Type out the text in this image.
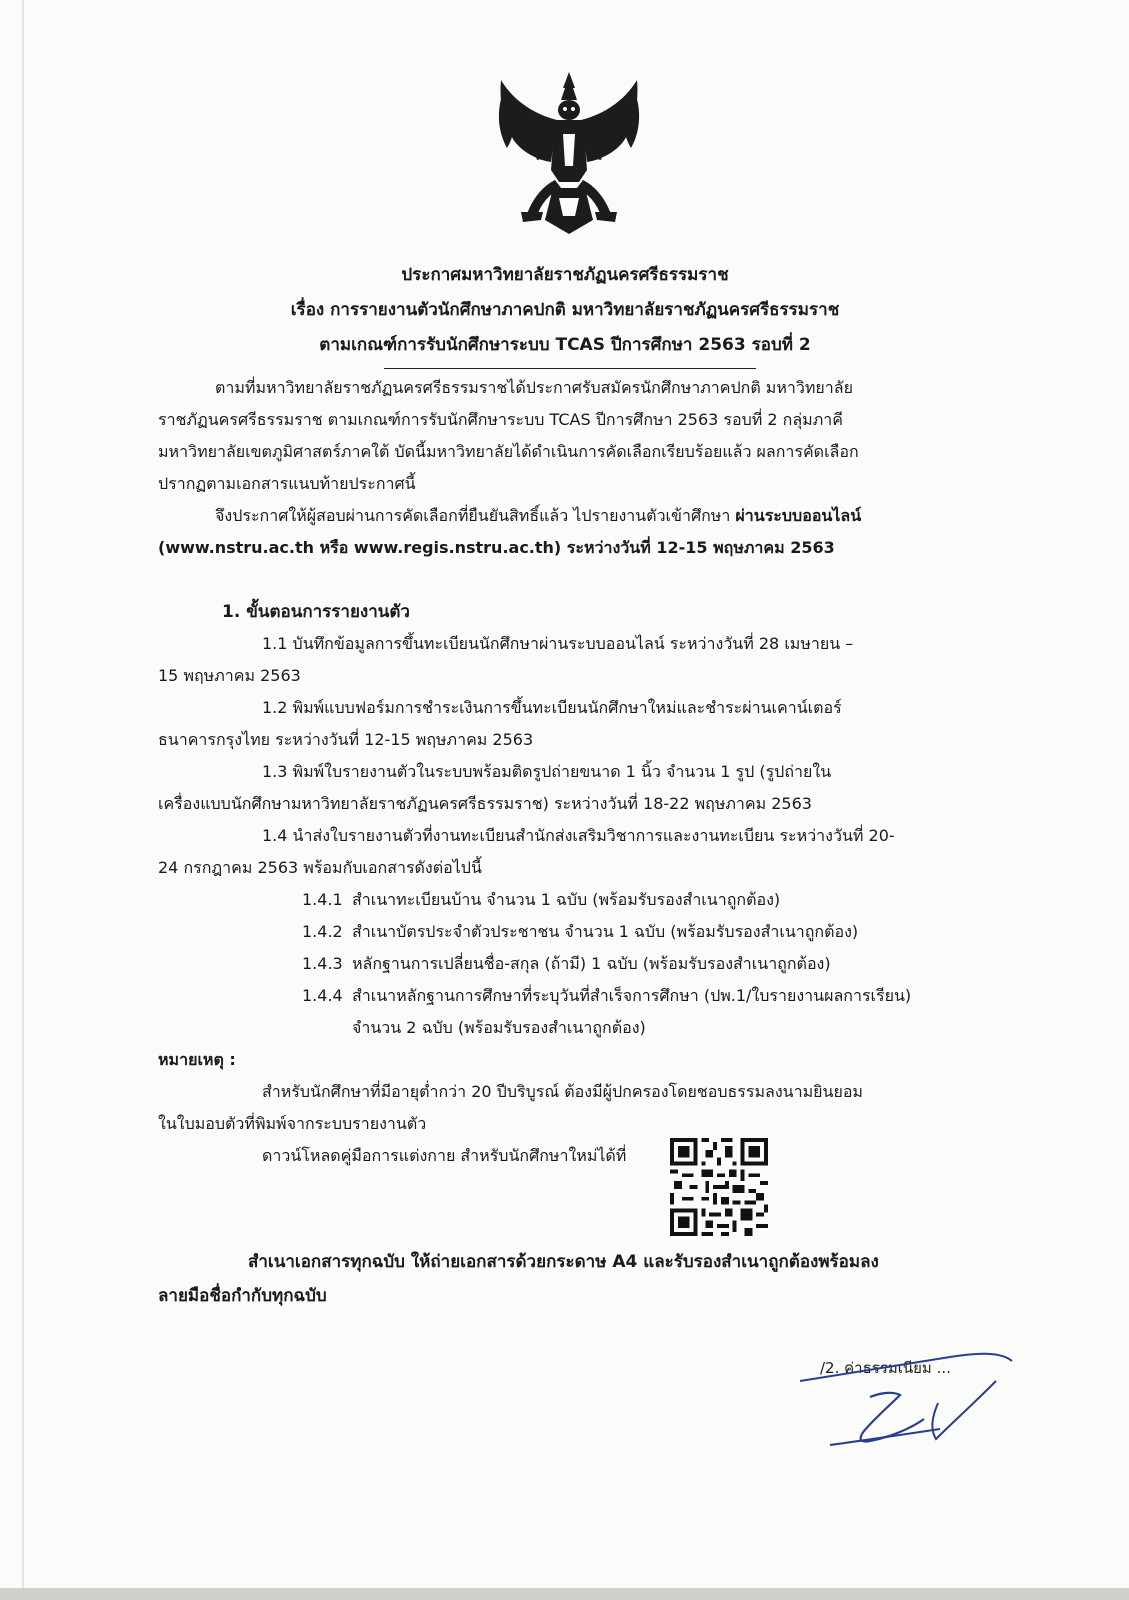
ประกาศมหาวิทยาลัยราชภัฏนครศรีธรรมราช
เรื่อง การรายงานตัวนักศึกษาภาคปกติ มหาวิทยาลัยราชภัฏนครศรีธรรมราช
ตามเกณฑ์การรับนักศึกษาระบบ TCAS ปีการศึกษา 2563 รอบที่ 2
ตามที่มหาวิทยาลัยราชภัฏนครศรีธรรมราชได้ประกาศรับสมัครนักศึกษาภาคปกติ มหาวิทยาลัย
ราชภัฏนครศรีธรรมราช ตามเกณฑ์การรับนักศึกษาระบบ TCAS ปีการศึกษา 2563 รอบที่ 2 กลุ่มภาคี
มหาวิทยาลัยเขตภูมิศาสตร์ภาคใต้ บัดนี้มหาวิทยาลัยได้ดำเนินการคัดเลือกเรียบร้อยแล้ว ผลการคัดเลือก
ปรากฏตามเอกสารแนบท้ายประกาศนี้
จึงประกาศให้ผู้สอบผ่านการคัดเลือกที่ยืนยันสิทธิ์แล้ว ไปรายงานตัวเข้าศึกษา ผ่านระบบออนไลน์
(www.nstru.ac.th หรือ www.regis.nstru.ac.th) ระหว่างวันที่ 12-15 พฤษภาคม 2563
1. ขั้นตอนการรายงานตัว
1.1 บันทึกข้อมูลการขึ้นทะเบียนนักศึกษาผ่านระบบออนไลน์ ระหว่างวันที่ 28 เมษายน –
15 พฤษภาคม 2563
1.2 พิมพ์แบบฟอร์มการชำระเงินการขึ้นทะเบียนนักศึกษาใหม่และชำระผ่านเคาน์เตอร์
ธนาคารกรุงไทย ระหว่างวันที่ 12-15 พฤษภาคม 2563
1.3 พิมพ์ใบรายงานตัวในระบบพร้อมติดรูปถ่ายขนาด 1 นิ้ว จำนวน 1 รูป (รูปถ่ายใน
เครื่องแบบนักศึกษามหาวิทยาลัยราชภัฏนครศรีธรรมราช) ระหว่างวันที่ 18-22 พฤษภาคม 2563
1.4 นำส่งใบรายงานตัวที่งานทะเบียนสำนักส่งเสริมวิชาการและงานทะเบียน ระหว่างวันที่ 20-
24 กรกฎาคม 2563 พร้อมกับเอกสารดังต่อไปนี้
1.4.1 สำเนาทะเบียนบ้าน จำนวน 1 ฉบับ (พร้อมรับรองสำเนาถูกต้อง)
1.4.2 สำเนาบัตรประจำตัวประชาชน จำนวน 1 ฉบับ (พร้อมรับรองสำเนาถูกต้อง)
1.4.3 หลักฐานการเปลี่ยนชื่อ-สกุล (ถ้ามี) 1 ฉบับ (พร้อมรับรองสำเนาถูกต้อง)
1.4.4 สำเนาหลักฐานการศึกษาที่ระบุวันที่สำเร็จการศึกษา (ปพ.1/ใบรายงานผลการเรียน)
จำนวน 2 ฉบับ (พร้อมรับรองสำเนาถูกต้อง)
หมายเหตุ :
สำหรับนักศึกษาที่มีอายุต่ำกว่า 20 ปีบริบูรณ์ ต้องมีผู้ปกครองโดยชอบธรรมลงนามยินยอม
ในใบมอบตัวที่พิมพ์จากระบบรายงานตัว
ดาวน์โหลดคู่มือการแต่งกาย สำหรับนักศึกษาใหม่ได้ที่
สำเนาเอกสารทุกฉบับ ให้ถ่ายเอกสารด้วยกระดาษ A4 และรับรองสำเนาถูกต้องพร้อมลง
ลายมือชื่อกำกับทุกฉบับ
/2. ค่าธรรมเนียม ...
